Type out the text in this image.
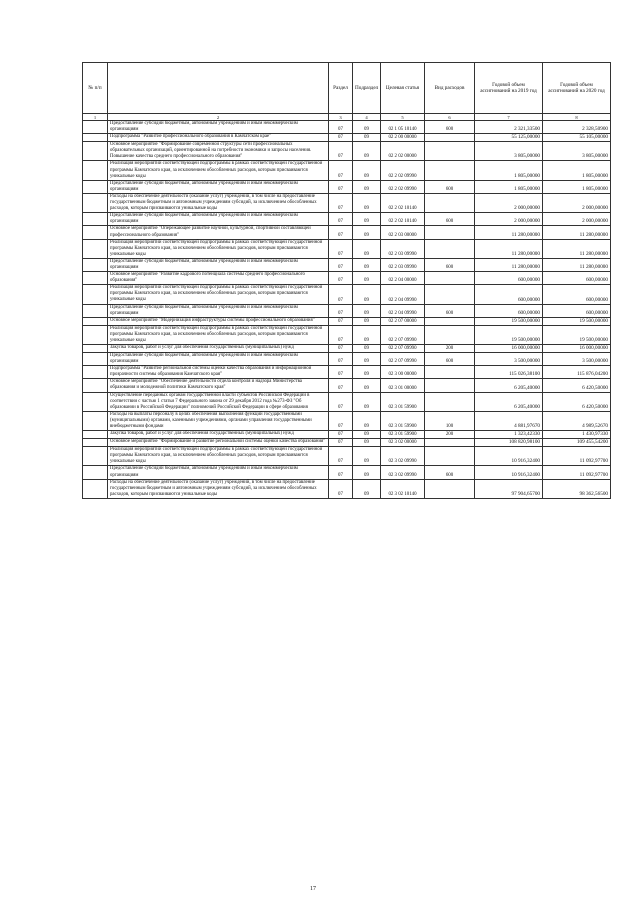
№ п/п		Раздел	Подраздел	Целевая статья	Вид расходов	Годовой объем ассигнований на 2019 год	Годовой объем ассигнований на 2020 год
1	2	3	4	5	6	7	8
	Предоставление субсидий бюджетным, автономным учреждениям и иным некоммерческим организациям	07	09	02 1 05 10140	600	2 321,33500	2 328,50900
	Подпрограмма "Развитие профессионального образования в Камчатском крае"	07	09	02 2 00 00000		55 125,00000	55 105,00000
	Основное мероприятие "Формирование современной структуры сети профессиональных образовательных организаций, ориентированной на потребности экономики и запросы населения. Повышение качества среднего профессионального образования"	07	09	02 2 02 00000		3 805,00000	3 805,00000
	Реализация мероприятий соответствующей подпрограммы в рамках соответствующей государственной программы Камчатского края, за исключением обособленных расходов, которым присваиваются уникальные коды	07	09	02 2 02 09990		1 805,00000	1 805,00000
	Предоставление субсидий бюджетным, автономным учреждениям и иным некоммерческим организациям	07	09	02 2 02 09990	600	1 805,00000	1 805,00000
	Расходы на обеспечение деятельности (оказание услуг) учреждений, в том числе на предоставление государственным бюджетным и автономным учреждениям субсидий, за исключением обособленных расходов, которым присваиваются уникальные коды	07	09	02 2 02 10140		2 000,00000	2 000,00000
	Предоставление субсидий бюджетным, автономным учреждениям и иным некоммерческим организациям	07	09	02 2 02 10140	600	2 000,00000	2 000,00000
	Основное мероприятие "Опережающее развитие научной, культурной, спортивной составляющей профессионального образования"	07	09	02 2 03 00000		11 280,00000	11 280,00000
	Реализация мероприятий соответствующей подпрограммы в рамках соответствующей государственной программы Камчатского края, за исключением обособленных расходов, которым присваиваются уникальные коды	07	09	02 2 03 09990		11 280,00000	11 280,00000
	Предоставление субсидий бюджетным, автономным учреждениям и иным некоммерческим организациям	07	09	02 2 03 09990	600	11 280,00000	11 280,00000
	Основное мероприятие "Развитие кадрового потенциала системы среднего профессионального образования"	07	09	02 2 04 00000		600,00000	600,00000
	Реализация мероприятий соответствующей подпрограммы в рамках соответствующей государственной программы Камчатского края, за исключением обособленных расходов, которым присваиваются уникальные коды	07	09	02 2 04 09990		600,00000	600,00000
	Предоставление субсидий бюджетным, автономным учреждениям и иным некоммерческим организациям	07	09	02 2 04 09990	600	600,00000	600,00000
	Основное мероприятие "Модернизация инфраструктуры системы профессионального образования"	07	09	02 2 07 00000		19 500,00000	19 500,00000
	Реализация мероприятий соответствующей подпрограммы в рамках соответствующей государственной программы Камчатского края, за исключением обособленных расходов, которым присваиваются уникальные коды	07	09	02 2 07 09990		19 500,00000	19 500,00000
	Закупка товаров, работ и услуг для обеспечения государственных (муниципальных) нужд	07	09	02 2 07 09990	200	16 000,00000	16 000,00000
	Предоставление субсидий бюджетным, автономным учреждениям и иным некоммерческим организациям	07	09	02 2 07 09990	600	3 500,00000	3 500,00000
	Подпрограмма "Развитие региональной системы оценки качества образования и информационной прозрачности системы образования Камчатского края"	07	09	02 3 00 00000		115 026,38100	115 876,04200
	Основное мероприятие "Обеспечение деятельности отдела контроля и надзора Министерства образования и молодежной политики Камчатского края"	07	09	02 3 01 00000		6 205,40000	6 420,50000
	Осуществление переданных органам государственной власти субъектов Российской Федерации в соответствии с частью 1 статьи 7 Федерального закона от 29 декабря 2012 года №273-ФЗ "Об образовании в Российской Федерации" полномочий Российской Федерации в сфере образования	07	09	02 3 01 59900		6 205,40000	6 420,50000
	Расходы на выплаты персоналу в целях обеспечения выполнения функций государственными (муниципальными) органами, казенными учреждениями, органами управления государственными внебюджетными фондами	07	09	02 3 01 59900	100	4 881,97670	4 989,52670
	Закупка товаров, работ и услуг для обеспечения государственных (муниципальных) нужд	07	09	02 3 01 59900	200	1 323,42330	1 430,97330
	Основное мероприятие "Формирование и развитие региональной системы оценки качества образования"	07	09	02 3 02 00000		108 820,98100	109 455,54200
	Реализация мероприятий соответствующей подпрограммы в рамках соответствующей государственной программы Камчатского края, за исключением обособленных расходов, которым присваиваются уникальные коды	07	09	02 3 02 09990		10 916,32400	11 092,97700
	Предоставление субсидий бюджетным, автономным учреждениям и иным некоммерческим организациям	07	09	02 3 02 09990	600	10 916,32400	11 092,97700
	Расходы на обеспечение деятельности (оказание услуг) учреждений, в том числе на предоставление государственным бюджетным и автономным учреждениям субсидий, за исключением обособленных расходов, которым присваиваются уникальные коды	07	09	02 3 02 10140		97 904,65700	98 362,56500
17
